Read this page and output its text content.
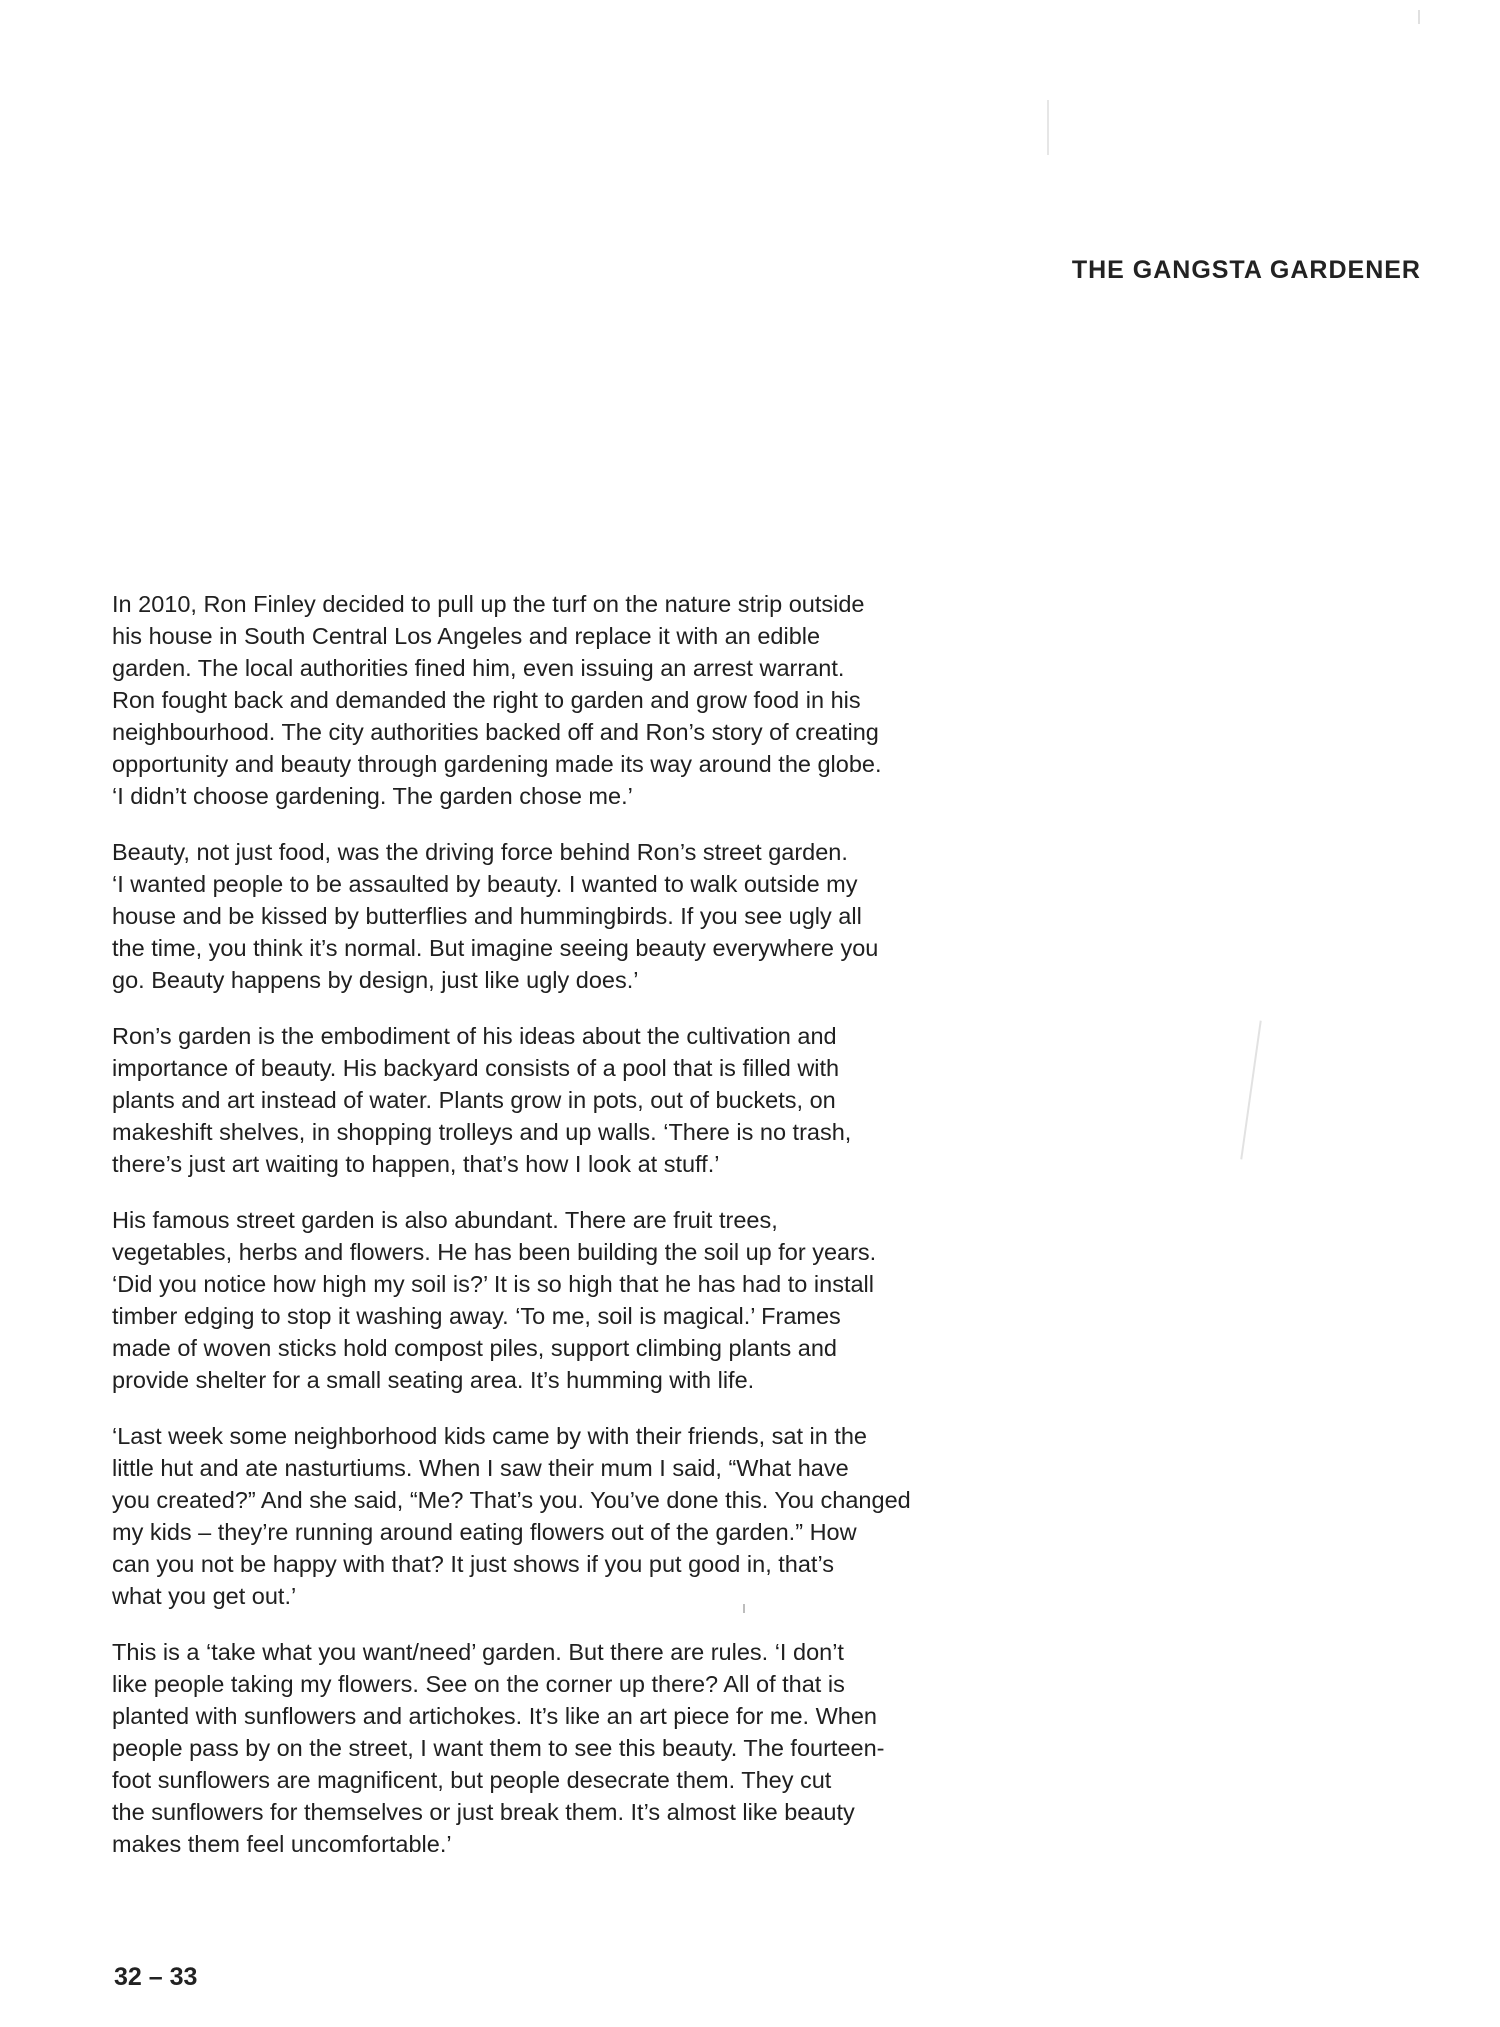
THE GANGSTA GARDENER

In 2010, Ron Finley decided to pull up the turf on the nature strip outside
his house in South Central Los Angeles and replace it with an edible
garden. The local authorities fined him, even issuing an arrest warrant.
Ron fought back and demanded the right to garden and grow food in his
neighbourhood. The city authorities backed off and Ron’s story of creating
opportunity and beauty through gardening made its way around the globe.
‘I didn’t choose gardening. The garden chose me.’

Beauty, not just food, was the driving force behind Ron’s street garden.
‘I wanted people to be assaulted by beauty. I wanted to walk outside my
house and be kissed by butterflies and hummingbirds. If you see ugly all
the time, you think it’s normal. But imagine seeing beauty everywhere you
go. Beauty happens by design, just like ugly does.’

Ron’s garden is the embodiment of his ideas about the cultivation and
importance of beauty. His backyard consists of a pool that is filled with
plants and art instead of water. Plants grow in pots, out of buckets, on
makeshift shelves, in shopping trolleys and up walls. ‘There is no trash,
there’s just art waiting to happen, that’s how I look at stuff.’

His famous street garden is also abundant. There are fruit trees,
vegetables, herbs and flowers. He has been building the soil up for years.
‘Did you notice how high my soil is?’ It is so high that he has had to install
timber edging to stop it washing away. ‘To me, soil is magical.’ Frames
made of woven sticks hold compost piles, support climbing plants and
provide shelter for a small seating area. It’s humming with life.

‘Last week some neighborhood kids came by with their friends, sat in the
little hut and ate nasturtiums. When I saw their mum I said, “What have
you created?” And she said, “Me? That’s you. You’ve done this. You changed
my kids – they’re running around eating flowers out of the garden.” How
can you not be happy with that? It just shows if you put good in, that’s
what you get out.’

This is a ‘take what you want/need’ garden. But there are rules. ‘I don’t
like people taking my flowers. See on the corner up there? All of that is
planted with sunflowers and artichokes. It’s like an art piece for me. When
people pass by on the street, I want them to see this beauty. The fourteen-
foot sunflowers are magnificent, but people desecrate them. They cut
the sunflowers for themselves or just break them. It’s almost like beauty
makes them feel uncomfortable.’

32 – 33
